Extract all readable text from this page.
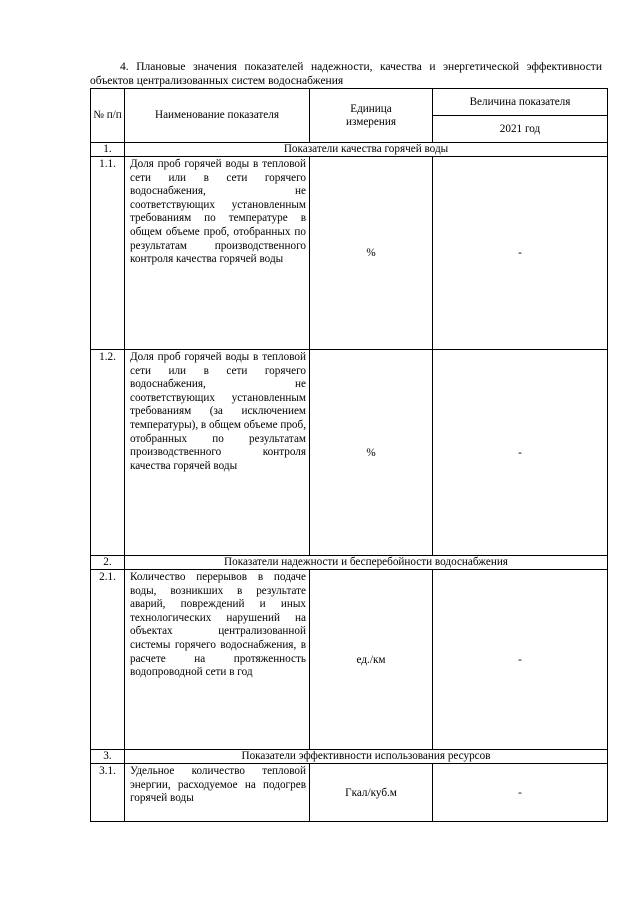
4. Плановые значения показателей надежности, качества и энергетической эффективности объектов централизованных систем водоснабжения
№ п/п	Наименование показателя	Единица измерения	Величина показателя
			2021 год
1.	Показатели качества горячей воды		
1.1.	Доля проб горячей воды в тепловой сети или в сети горячего водоснабжения, не соответствующих установленным требованиям по температуре в общем объеме проб, отобранных по результатам производственного контроля качества горячей воды	%	-
1.2.	Доля проб горячей воды в тепловой сети или в сети горячего водоснабжения, не соответствующих установленным требованиям (за исключением температуры), в общем объеме проб, отобранных по результатам производственного контроля качества горячей воды	%	-
2.	Показатели надежности и бесперебойности водоснабжения		
2.1.	Количество перерывов в подаче воды, возникших в результате аварий, повреждений и иных технологических нарушений на объектах централизованной системы горячего водоснабжения, в расчете на протяженность водопроводной сети в год	ед./км	-
3.	Показатели эффективности использования ресурсов		
3.1.	Удельное количество тепловой энергии, расходуемое на подогрев горячей воды	Гкал/куб.м	-
